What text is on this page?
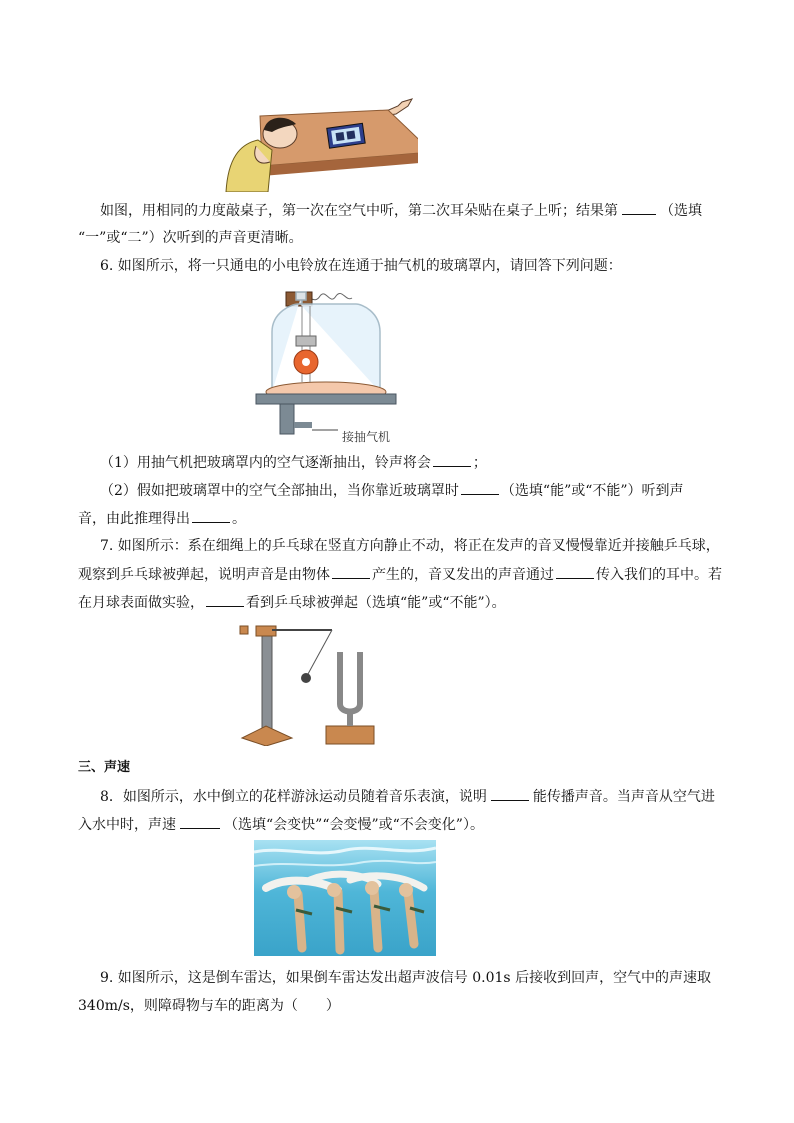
如图，用相同的力度敲桌子，第一次在空气中听，第二次耳朵贴在桌子上听；结果第	（选填
“一”或“二”）次听到的声音更清晰。
6. 如图所示，将一只通电的小电铃放在连通于抽气机的玻璃罩内，请回答下列问题：
接抽气机
（1）用抽气机把玻璃罩内的空气逐渐抽出，铃声将会	；
（2）假如把玻璃罩中的空气全部抽出，当你靠近玻璃罩时	（选填“能”或“不能”）听到声
音，由此推理得出	。
7. 如图所示：系在细绳上的乒乓球在竖直方向静止不动，将正在发声的音叉慢慢靠近并接触乒乓球，
观察到乒乓球被弹起，说明声音是由物体	产生的，音叉发出的声音通过	传入我们的耳中。若
在月球表面做实验，	看到乒乓球被弹起（选填“能”或“不能”）。
三、声速
8．如图所示，水中倒立的花样游泳运动员随着音乐表演，说明	能传播声音。当声音从空气进
入水中时，声速	（选填“会变快”“会变慢”或“不会变化”）。
9. 如图所示，这是倒车雷达，如果倒车雷达发出超声波信号 0.01s 后接收到回声，空气中的声速取
340m/s，则障碍物与车的距离为（　　）
